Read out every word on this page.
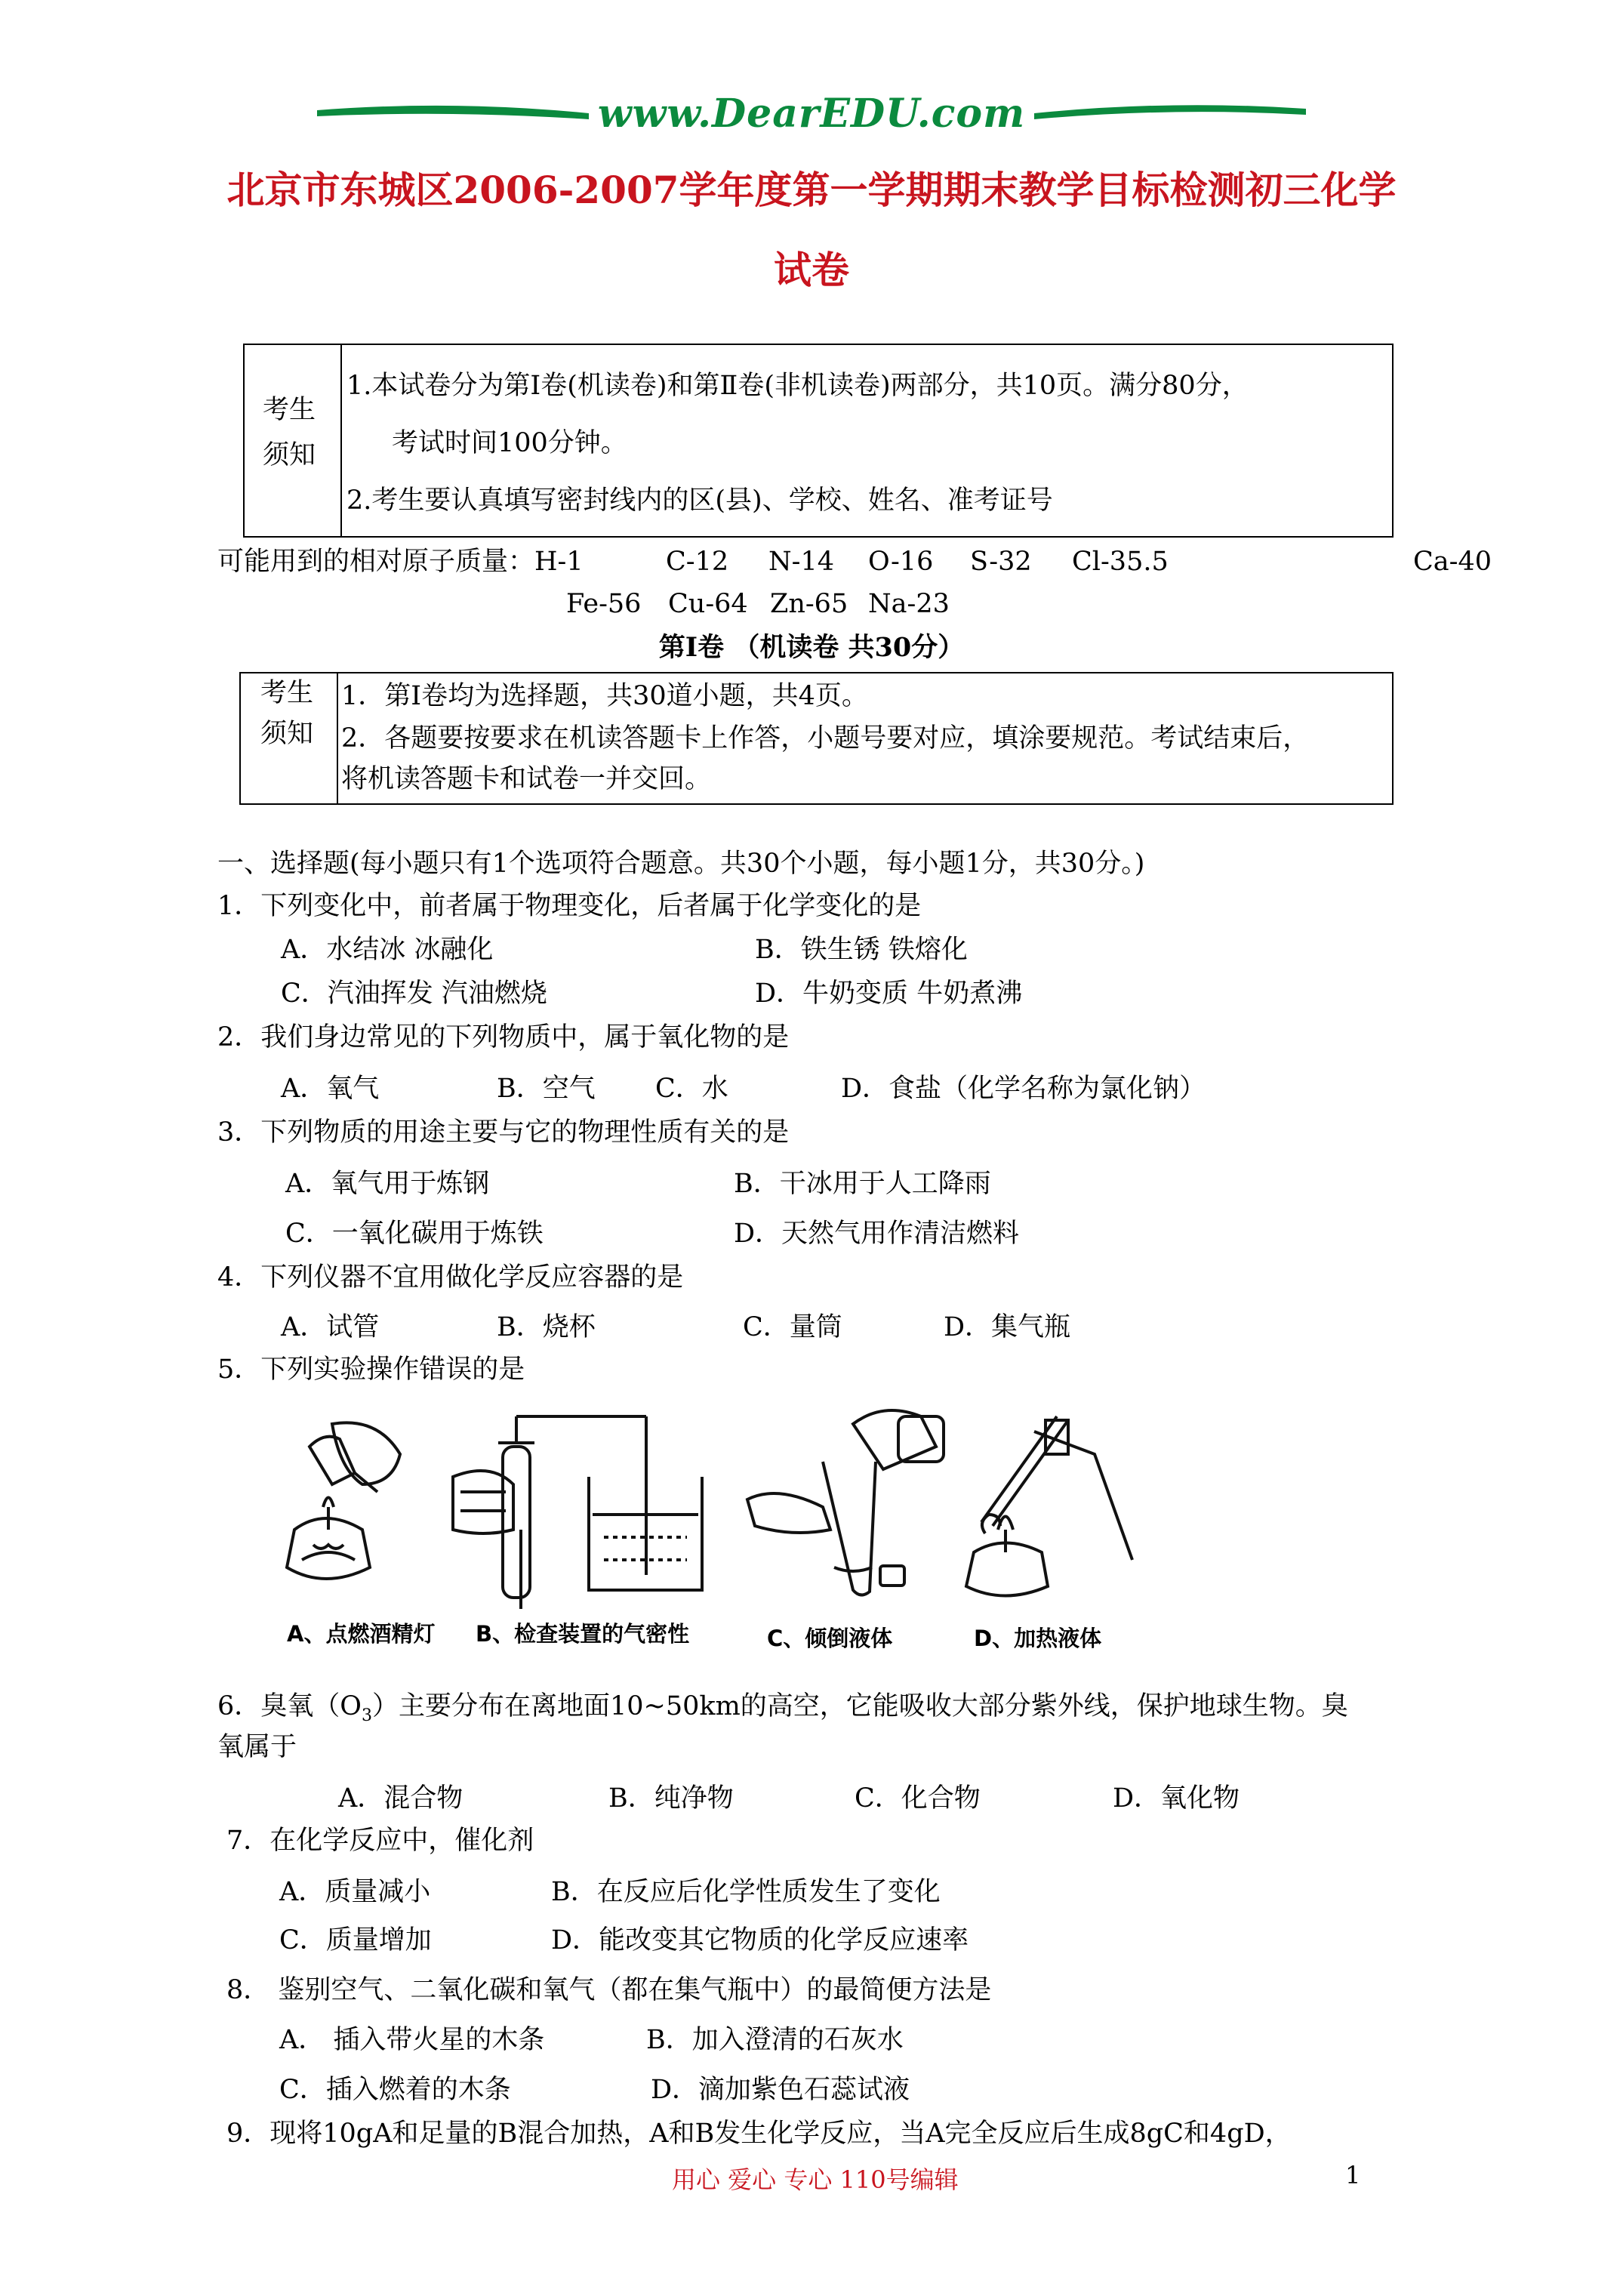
www.DearEDU.com
北京市东城区2006-2007学年度第一学期期末教学目标检测初三化学
试卷
考生
须知

1.本试卷分为第Ⅰ卷(机读卷)和第Ⅱ卷(非机读卷)两部分，共10页。满分80分，
考试时间100分钟。
2.考生要认真填写密封线内的区(县)、学校、姓名、准考证号
可能用到的相对原子质量： H-1	C-12 N-14 O-16 S-32 Cl-35.5	Ca-40
Fe-56 Cu-64 Zn-65 Na-23
第Ⅰ卷 （机读卷 共30分）
考生
须知

1．第Ⅰ卷均为选择题，共30道小题，共4页。
2．各题要按要求在机读答题卡上作答，小题号要对应，填涂要规范。考试结束后，
将机读答题卡和试卷一并交回。
一、选择题(每小题只有1个选项符合题意。共30个小题，每小题1分，共30分。)
1．下列变化中，前者属于物理变化，后者属于化学变化的是
A．水结冰 冰融化	B．铁生锈 铁熔化
C．汽油挥发 汽油燃烧	D．牛奶变质 牛奶煮沸
2．我们身边常见的下列物质中，属于氧化物的是
A．氧气	B．空气 C．水	D．食盐（化学名称为氯化钠）
3．下列物质的用途主要与它的物理性质有关的是
A．氧气用于炼钢	B．干冰用于人工降雨
C．一氧化碳用于炼铁	D．天然气用作清洁燃料
4．下列仪器不宜用做化学反应容器的是
A．试管	B．烧杯	C．量筒	D．集气瓶
5．下列实验操作错误的是
A、点燃酒精灯 B、检查装置的气密性	C、倾倒液体	D、加热液体
6．臭氧$(O_3)$主要分布在离地面10~50km的高空，它能吸收大部分紫外线，保护地球生物。臭
氧属于
A．混合物	B．纯净物	C．化合物	D．氧化物
7．在化学反应中，催化剂
A．质量减小	B．在反应后化学性质发生了变化
C．质量增加	D．能改变其它物质的化学反应速率
8． 鉴别空气、二氧化碳和氧气（都在集气瓶中）的最简便方法是
A． 插入带火星的木条	B．加入澄清的石灰水
C．插入燃着的木条	D．滴加紫色石蕊试液
9．现将10gA和足量的B混合加热，A和B发生化学反应，当A完全反应后生成8gC和4gD，
用心 爱心 专心 110号编辑	1
